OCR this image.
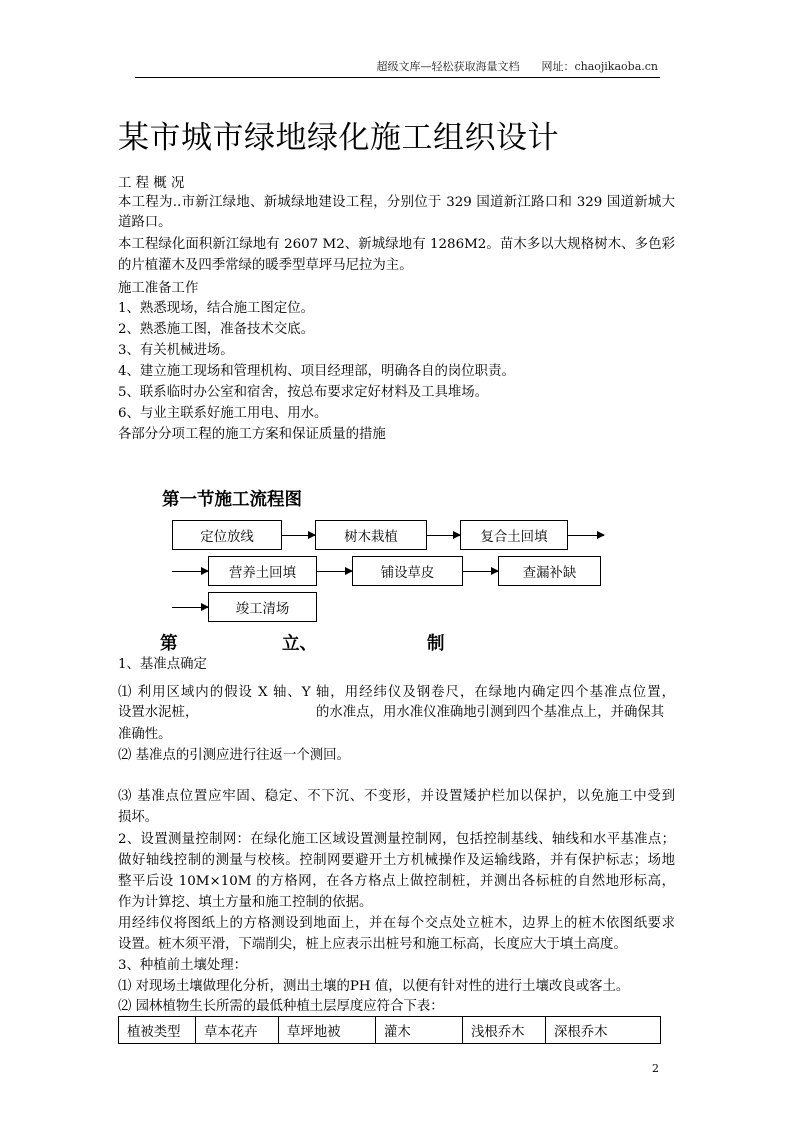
超级文库—轻松获取海量文档　　网址：chaojikaoba.cn
某市城市绿地绿化施工组织设计
工 程 概 况
本工程为..市新江绿地、新城绿地建设工程，分别位于 329 国道新江路口和 329 国道新城大
道路口。
本工程绿化面积新江绿地有 2607 M2、新城绿地有 1286M2。苗木多以大规格树木、多色彩
的片植灌木及四季常绿的暖季型草坪马尼拉为主。
施工准备工作
1、熟悉现场，结合施工图定位。
2、熟悉施工图，准备技术交底。
3、有关机械进场。
4、建立施工现场和管理机构、项目经理部，明确各自的岗位职责。
5、联系临时办公室和宿舍，按总布要求定好材料及工具堆场。
6、与业主联系好施工用电、用水。
各部分分项工程的施工方案和保证质量的措施
第一节施工流程图
定位放线	树木栽植	复合土回填
营养土回填	铺设草皮	查漏补缺
竣工清场
第	立、	制
1、基准点确定
⑴ 利用区域内的假设 X 轴、Y 轴，用经纬仪及钢卷尺，在绿地内确定四个基准点位置，
设置水泥桩，	的水准点，用水准仪准确地引测到四个基准点上，并确保其
准确性。
⑵ 基准点的引测应进行往返一个测回。
⑶ 基准点位置应牢固、稳定、不下沉、不变形，并设置矮护栏加以保护，以免施工中受到
损坏。
2、设置测量控制网：在绿化施工区域设置测量控制网，包括控制基线、轴线和水平基准点；
做好轴线控制的测量与校核。控制网要避开土方机械操作及运输线路，并有保护标志；场地
整平后设 10M×10M 的方格网，在各方格点上做控制桩，并测出各标桩的自然地形标高，
作为计算挖、填土方量和施工控制的依据。
用经纬仪将图纸上的方格测设到地面上，并在每个交点处立桩木，边界上的桩木依图纸要求
设置。桩木须平滑，下端削尖，桩上应表示出桩号和施工标高，长度应大于填土高度。
3、种植前土壤处理：
⑴ 对现场土壤做理化分析，测出土壤的PH 值，以便有针对性的进行土壤改良或客土。
⑵ 园林植物生长所需的最低种植土层厚度应符合下表：
植被类型	草本花卉	草坪地被	灌木	浅根乔木	深根乔木
2
